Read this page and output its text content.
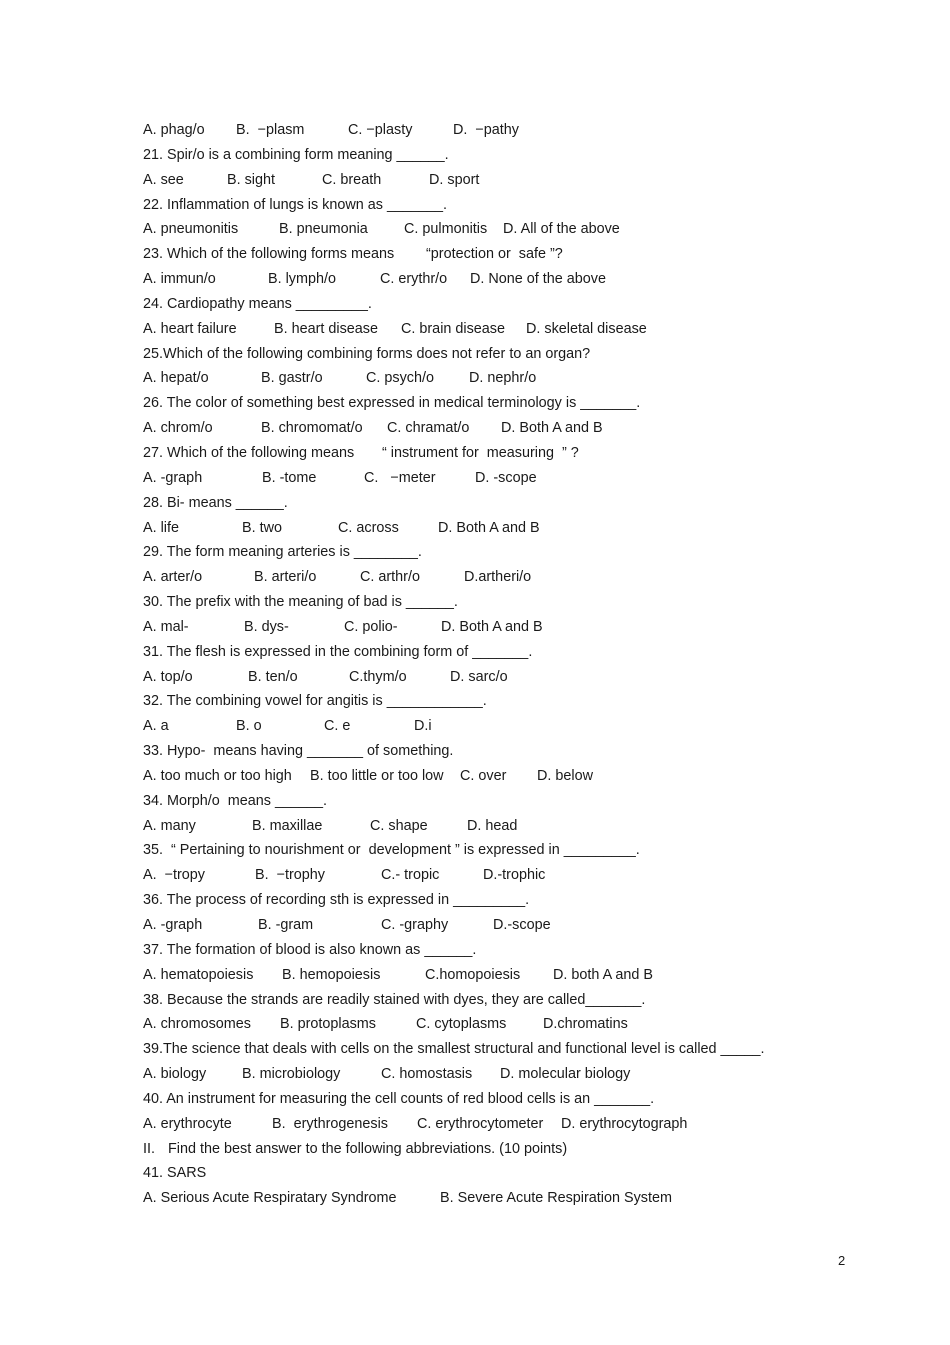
A. phag/o B.  −plasm	C. −plasty	D.  −pathy
21. Spir/o is a combining form meaning ______.
A. see	B. sight	C. breath	D. sport
22. Inflammation of lungs is known as _______.
A. pneumonitis	B. pneumonia	C. pulmonitis D. All of the above
23. Which of the following forms means “protection or  safe ”?
A. immun/o	B. lymph/o	C. erythr/o D. None of the above
24. Cardiopathy means _________.
A. heart failure	B. heart disease C. brain disease D. skeletal disease
25.Which of the following combining forms does not refer to an organ?
A. hepat/o	B. gastr/o	C. psych/o D. nephr/o
26. The color of something best expressed in medical terminology is _______.
A. chrom/o	B. chromomat/o C. chramat/o D. Both A and B
27. Which of the following means “ instrument for  measuring ” ?
A. -graph	B. -tome	C.   −meter	D. -scope
28. Bi- means ______.
A. life	B. two	C. across	D. Both A and B
29. The form meaning arteries is ________.
A. arter/o	B. arteri/o	C. arthr/o	D.artheri/o
30. The prefix with the meaning of bad is ______.
A. mal-	B. dys-	C. polio-	D. Both A and B
31. The flesh is expressed in the combining form of _______.
A. top/o	B. ten/o	C.thym/o	D. sarc/o
32. The combining vowel for angitis is ____________.
A. a	B. o	C. e	D.i
33. Hypo-  means having _______ of something.
A. too much or too high B. too little or too low C. over D. below
34. Morph/o  means ______.
A. many	B. maxillae	C. shape	D. head
35.  “ Pertaining to nourishment or  development ” is expressed in _________.
A.  −tropy	B.  −trophy	C.- tropic	D.-trophic
36. The process of recording sth is expressed in _________.
A. -graph	B. -gram	C. -graphy	D.-scope
37. The formation of blood is also known as ______.
A. hematopoiesis B. hemopoiesis	C.homopoiesis D. both A and B
38. Because the strands are readily stained with dyes, they are called_______.
A. chromosomes B. protoplasms	C. cytoplasms	D.chromatins
39.The science that deals with cells on the smallest structural and functional level is called _____.
A. biology B. microbiology	C. homostasis D. molecular biology
40. An instrument for measuring the cell counts of red blood cells is an _______.
A. erythrocyte	B.  erythrogenesis C. erythrocytometer D. erythrocytograph
II. Find the best answer to the following abbreviations. (10 points)
41. SARS
A. Serious Acute Respiratary Syndrome	B. Severe Acute Respiration System
2
